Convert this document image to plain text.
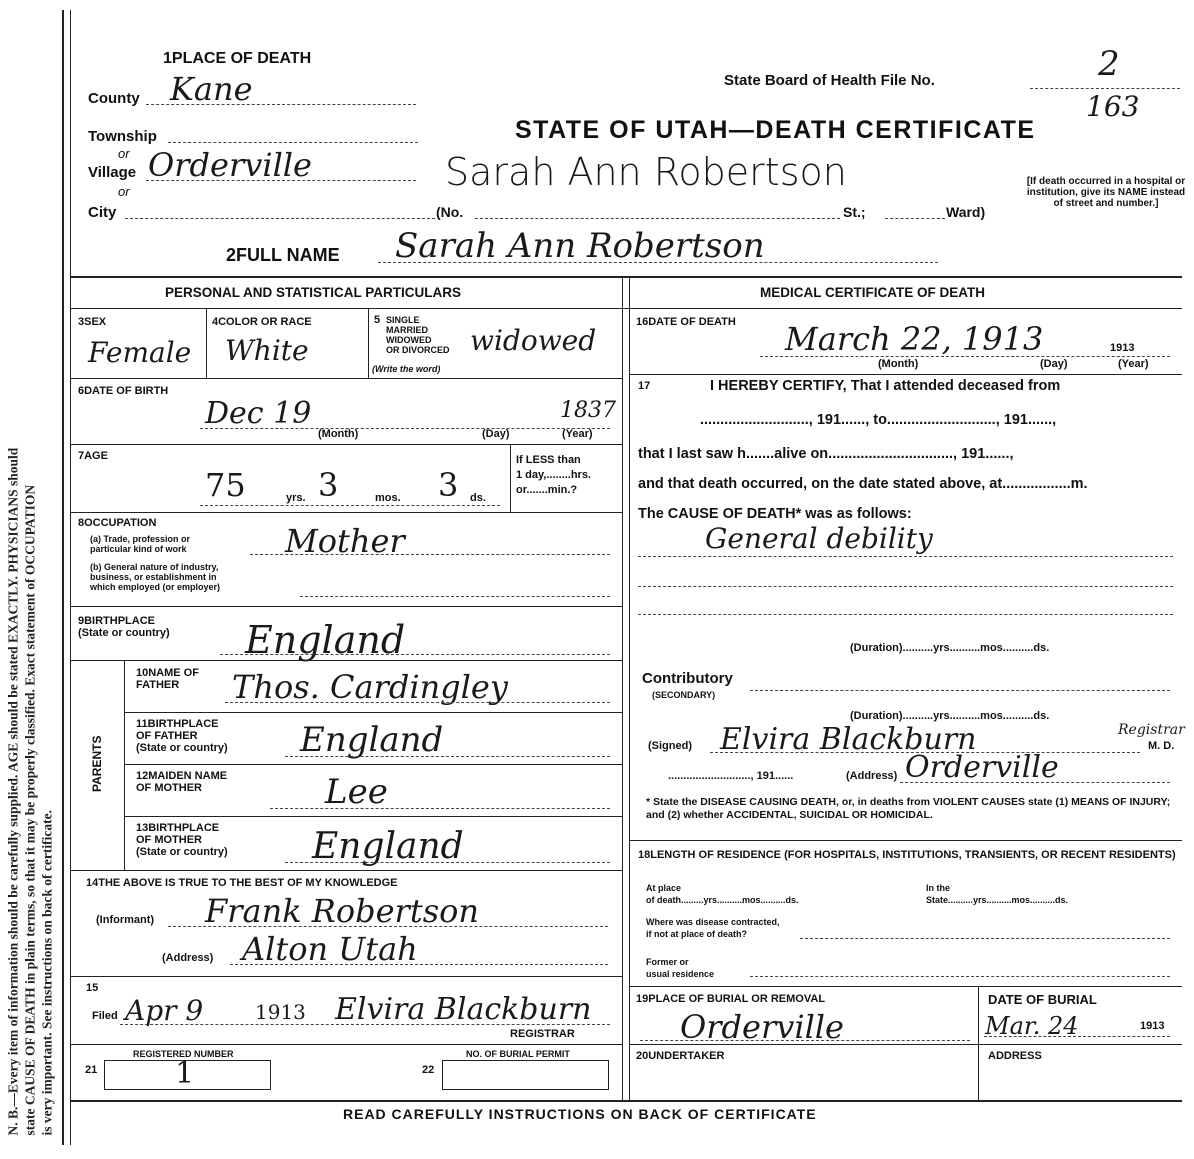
N. B.—Every item of information should be carefully supplied. AGE should be stated EXACTLY. PHYSICIANS should state CAUSE OF DEATH in plain terms, so that it may be properly classified. Exact statement of OCCUPATION is very important. See instructions on back of certificate.
1PLACE OF DEATH
County Kane
Township
or
Village Orderville
or
City	(No.	St.;	Ward)
[If death occurred in a hospital or institution, give its NAME instead of street and number.]
State Board of Health File No.	2
163
STATE OF UTAH—DEATH CERTIFICATE
Sarah Ann Robertson
2FULL NAME Sarah Ann Robertson
PERSONAL AND STATISTICAL PARTICULARS	MEDICAL CERTIFICATE OF DEATH
3SEX
Female
4COLOR OR RACE
White
5 SINGLE
MARRIED
WIDOWED
OR DIVORCED
(Write the word)
widowed
6DATE OF BIRTH
Dec 19	1837
(Month)	(Day)	(Year)
7AGE
75	yrs. 3	mos. 3 ds.
If LESS than
1 day,........hrs.
or.......min.?
8OCCUPATION
(a) Trade, profession or
particular kind of work	Mother
(b) General nature of industry,
business, or establishment in
which employed (or employer)
9BIRTHPLACE
(State or country) England
PARENTS
10NAME OF
FATHER	Thos. Cardingley
11BIRTHPLACE
OF FATHER
(State or country) England
12MAIDEN NAME
OF MOTHER	Lee
13BIRTHPLACE
OF MOTHER
(State or country) England
14THE ABOVE IS TRUE TO THE BEST OF MY KNOWLEDGE
(Informant) Frank Robertson
(Address) Alton Utah
15
Filed Apr 9	1913 Elvira Blackburn
REGISTRAR
REGISTERED NUMBER
21	1
NO. OF BURIAL PERMIT
22
16DATE OF DEATH March 22, 1913	1913
(Month)	(Day)	(Year)
17	I HEREBY CERTIFY, That I attended deceased from
..........................., 191......, to..........................., 191......,
that I last saw h.......alive on..............................., 191......,
and that death occurred, on the date stated above, at.................m.
The CAUSE OF DEATH* was as follows:
General debility
(Duration)..........yrs..........mos..........ds.
Contributory
(SECONDARY)
(Duration)..........yrs..........mos..........ds.
(Signed) Elvira Blackburn	Registrar
M. D.
..........................., 191......	(Address) Orderville
* State the DISEASE CAUSING DEATH, or, in deaths from VIOLENT CAUSES state (1) MEANS OF INJURY; and (2) whether ACCIDENTAL, SUICIDAL OR HOMICIDAL.
18LENGTH OF RESIDENCE (FOR HOSPITALS, INSTITUTIONS, TRANSIENTS, OR RECENT RESIDENTS)
At place
of death.........yrs..........mos..........ds.
In the
State..........yrs..........mos..........ds.
Where was disease contracted,
if not at place of death?
Former or
usual residence
19PLACE OF BURIAL OR REMOVAL
Orderville
DATE OF BURIAL
Mar. 24	1913
20UNDERTAKER	ADDRESS
READ CAREFULLY INSTRUCTIONS ON BACK OF CERTIFICATE
